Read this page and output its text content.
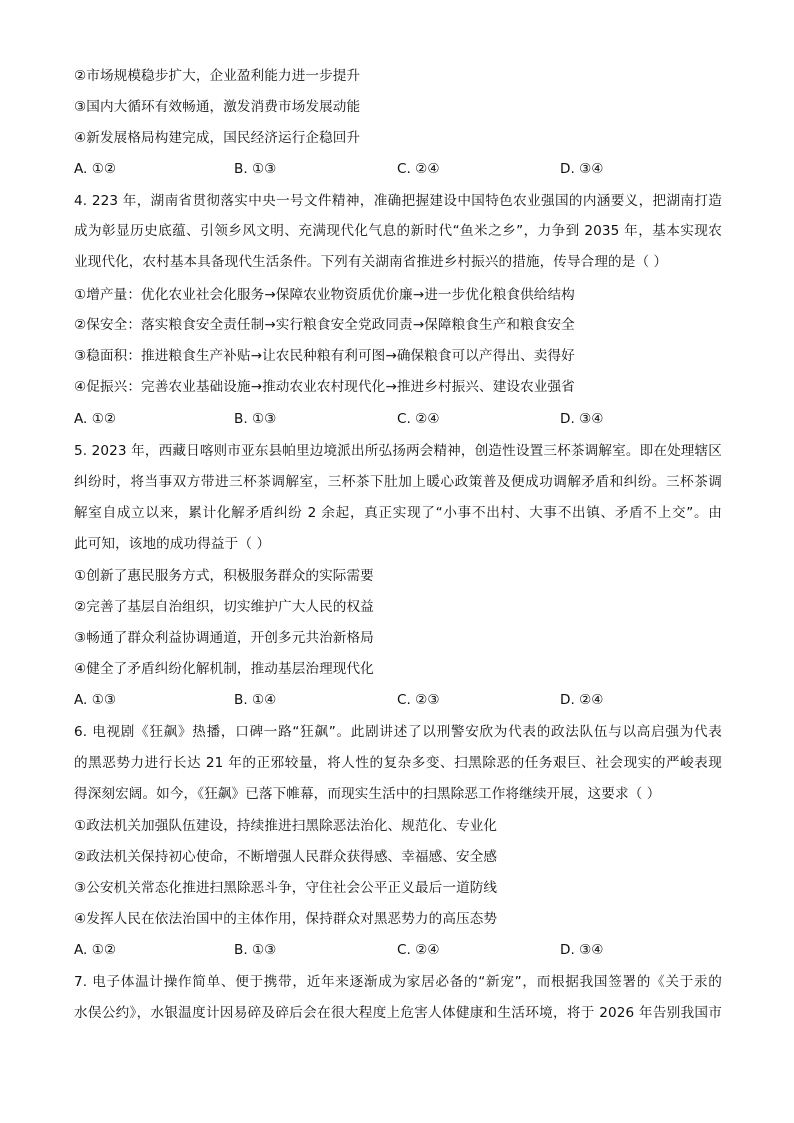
②市场规模稳步扩大，企业盈利能力进一步提升
③国内大循环有效畅通，激发消费市场发展动能
④新发展格局构建完成，国民经济运行企稳回升
A. ①②	B. ①③	C. ②④	D. ③④
4. 223 年，湖南省贯彻落实中央一号文件精神，准确把握建设中国特色农业强国的内涵要义，把湖南打造
成为彰显历史底蕴、引领乡风文明、充满现代化气息的新时代“鱼米之乡”，力争到 2035 年，基本实现农
业现代化，农村基本具备现代生活条件。下列有关湖南省推进乡村振兴的措施，传导合理的是（ ）
①增产量：优化农业社会化服务→保障农业物资质优价廉→进一步优化粮食供给结构
②保安全：落实粮食安全责任制→实行粮食安全党政同责→保障粮食生产和粮食安全
③稳面积：推进粮食生产补贴→让农民种粮有利可图→确保粮食可以产得出、卖得好
④促振兴：完善农业基础设施→推动农业农村现代化→推进乡村振兴、建设农业强省
A. ①②	B. ①③	C. ②④	D. ③④
5. 2023 年，西藏日喀则市亚东县帕里边境派出所弘扬两会精神，创造性设置三杯茶调解室。即在处理辖区
纠纷时，将当事双方带进三杯茶调解室，三杯茶下肚加上暖心政策普及便成功调解矛盾和纠纷。三杯茶调
解室自成立以来，累计化解矛盾纠纷 2 余起，真正实现了“小事不出村、大事不出镇、矛盾不上交”。由
此可知，该地的成功得益于（ ）
①创新了惠民服务方式，积极服务群众的实际需要
②完善了基层自治组织，切实维护广大人民的权益
③畅通了群众利益协调通道，开创多元共治新格局
④健全了矛盾纠纷化解机制，推动基层治理现代化
A. ①③	B. ①④	C. ②③	D. ②④
6. 电视剧《狂飙》热播，口碑一路“狂飙”。此剧讲述了以刑警安欣为代表的政法队伍与以高启强为代表
的黑恶势力进行长达 21 年的正邪较量，将人性的复杂多变、扫黑除恶的任务艰巨、社会现实的严峻表现
得深刻宏阔。如今，《狂飙》已落下帷幕，而现实生活中的扫黑除恶工作将继续开展，这要求（ ）
①政法机关加强队伍建设，持续推进扫黑除恶法治化、规范化、专业化
②政法机关保持初心使命，不断增强人民群众获得感、幸福感、安全感
③公安机关常态化推进扫黑除恶斗争，守住社会公平正义最后一道防线
④发挥人民在依法治国中的主体作用，保持群众对黑恶势力的高压态势
A. ①②	B. ①③	C. ②④	D. ③④
7. 电子体温计操作简单、便于携带，近年来逐渐成为家居必备的“新宠”，而根据我国签署的《关于汞的
水俣公约》，水银温度计因易碎及碎后会在很大程度上危害人体健康和生活环境，将于 2026 年告别我国市
